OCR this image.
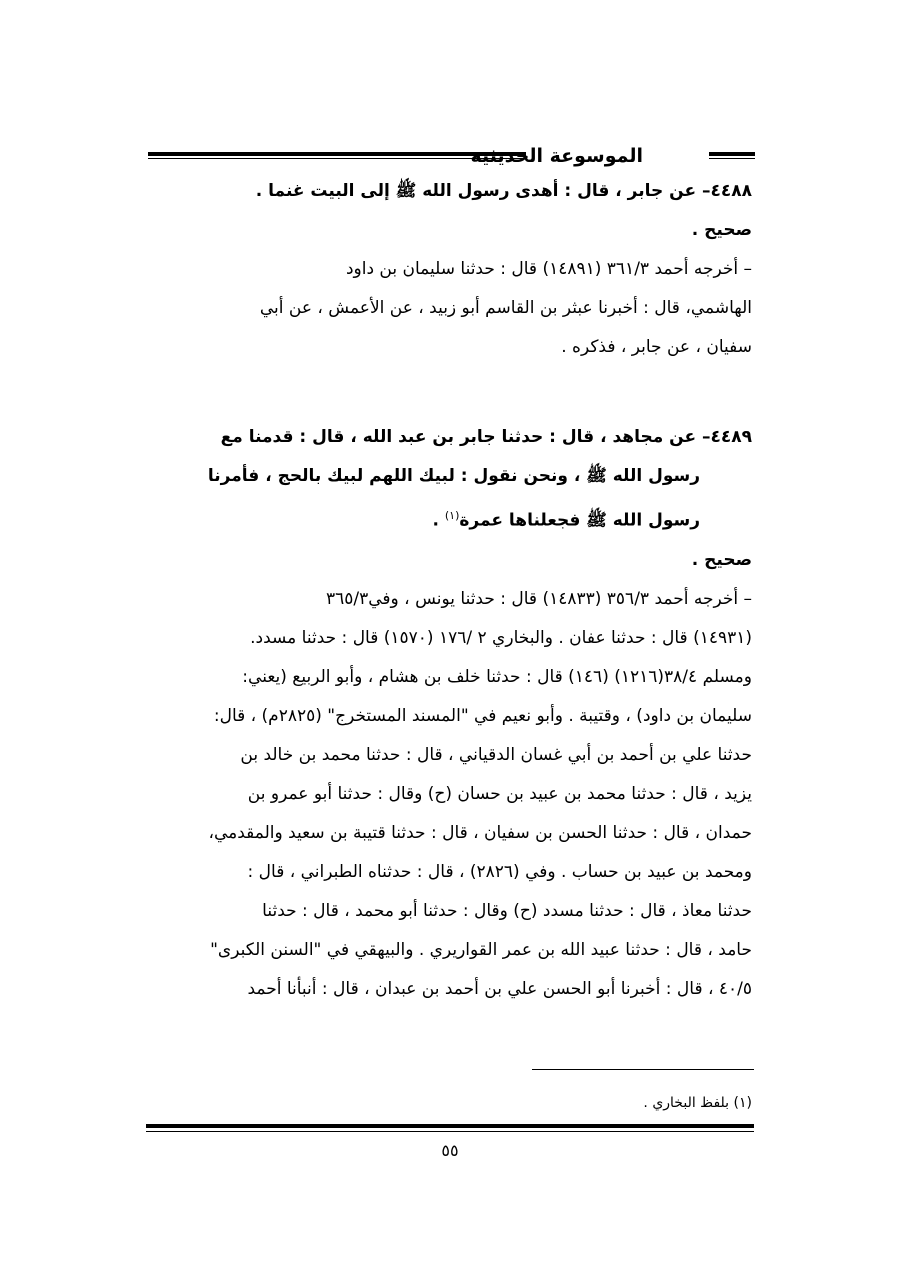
الموسوعة الحديثية
٤٤٨٨– عن جابر ، قال : أهدى رسول الله ﷺ إلى البيت غنما .
صحيح .
– أخرجه أحمد ٣٦١/٣ (١٤٨٩١) قال : حدثنا سليمان بن داود
الهاشمي، قال : أخبرنا عبثر بن القاسم أبو زبيد ، عن الأعمش ، عن أبي
سفيان ، عن جابر ، فذكره .
٤٤٨٩– عن مجاهد ، قال : حدثنا جابر بن عبد الله ، قال : قدمنا مع
رسول الله ﷺ ، ونحن نقول : لبيك اللهم لبيك بالحج ، فأمرنا
رسول الله ﷺ فجعلناها عمرة$^{(١)}$ .
صحيح .
– أخرجه أحمد ٣٥٦/٣ (١٤٨٣٣) قال : حدثنا يونس ، وفي٣٦٥/٣
(١٤٩٣١) قال : حدثنا عفان . والبخاري ٢ /١٧٦ (١٥٧٠) قال : حدثنا مسدد.
ومسلم ٣٨/٤(١٢١٦) (١٤٦) قال : حدثنا خلف بن هشام ، وأبو الربيع (يعني:
سليمان بن داود) ، وقتيبة . وأبو نعيم في "المسند المستخرج" (٢٨٢٥م) ، قال:
حدثنا علي بن أحمد بن أبي غسان الدقياني ، قال : حدثنا محمد بن خالد بن
يزيد ، قال : حدثنا محمد بن عبيد بن حسان (ح) وقال : حدثنا أبو عمرو بن
حمدان ، قال : حدثنا الحسن بن سفيان ، قال : حدثنا قتيبة بن سعيد والمقدمي،
ومحمد بن عبيد بن حساب . وفي (٢٨٢٦) ، قال : حدثناه الطبراني ، قال :
حدثنا معاذ ، قال : حدثنا مسدد (ح) وقال : حدثنا أبو محمد ، قال : حدثنا
حامد ، قال : حدثنا عبيد الله بن عمر القواريري . والبيهقي في "السنن الكبرى"
٤٠/٥ ، قال : أخبرنا أبو الحسن علي بن أحمد بن عبدان ، قال : أنبأنا أحمد
(١) بلفظ البخاري .
٥٥
